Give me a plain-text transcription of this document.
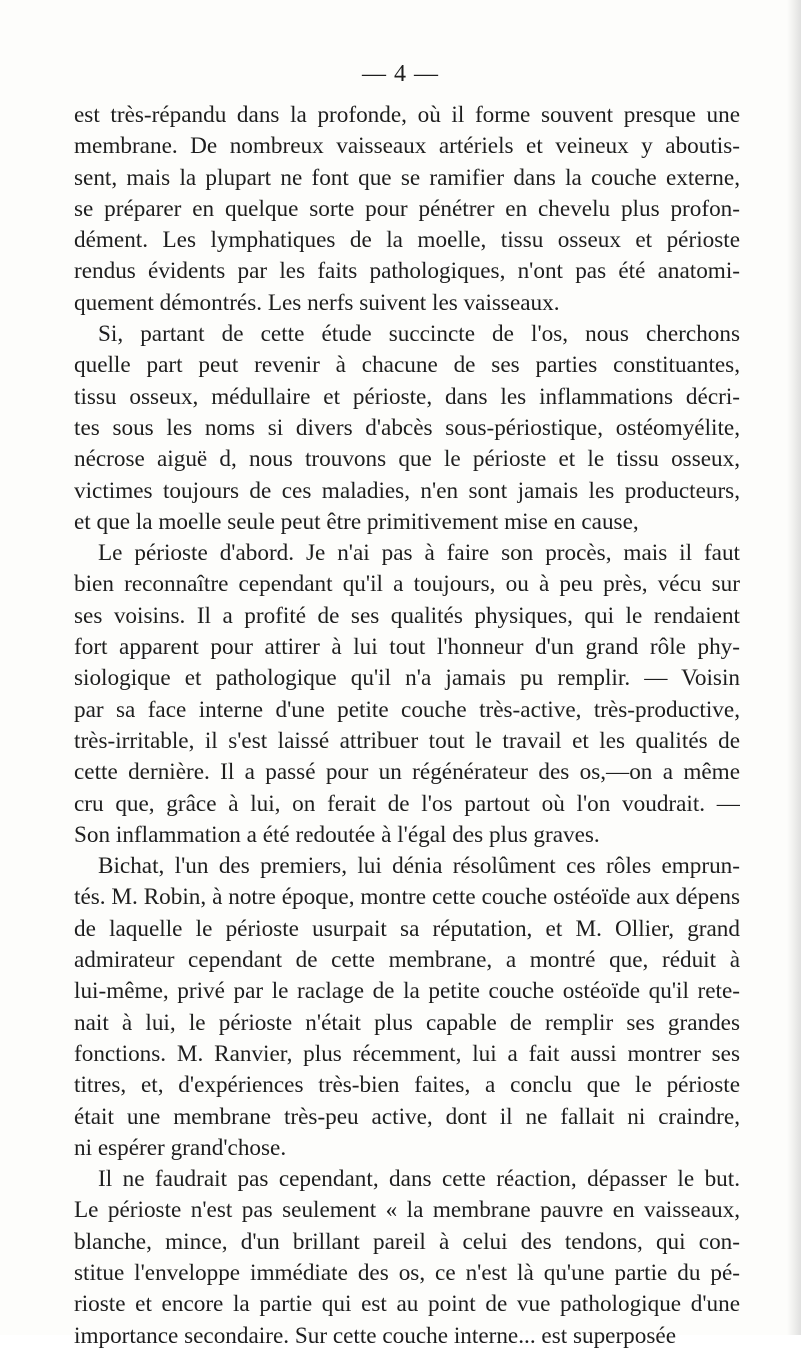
— 4 —
est très-répandu dans la profonde, où il forme souvent presque une
membrane. De nombreux vaisseaux artériels et veineux y aboutis-
sent, mais la plupart ne font que se ramifier dans la couche externe,
se préparer en quelque sorte pour pénétrer en chevelu plus profon-
dément. Les lymphatiques de la moelle, tissu osseux et périoste
rendus évidents par les faits pathologiques, n'ont pas été anatomi-
quement démontrés. Les nerfs suivent les vaisseaux.
Si, partant de cette étude succincte de l'os, nous cherchons
quelle part peut revenir à chacune de ses parties constituantes,
tissu osseux, médullaire et périoste, dans les inflammations décri-
tes sous les noms si divers d'abcès sous-périostique, ostéomyélite,
nécrose aiguë d, nous trouvons que le périoste et le tissu osseux,
victimes toujours de ces maladies, n'en sont jamais les producteurs,
et que la moelle seule peut être primitivement mise en cause,
Le périoste d'abord. Je n'ai pas à faire son procès, mais il faut
bien reconnaître cependant qu'il a toujours, ou à peu près, vécu sur
ses voisins. Il a profité de ses qualités physiques, qui le rendaient
fort apparent pour attirer à lui tout l'honneur d'un grand rôle phy-
siologique et pathologique qu'il n'a jamais pu remplir. — Voisin
par sa face interne d'une petite couche très-active, très-productive,
très-irritable, il s'est laissé attribuer tout le travail et les qualités de
cette dernière. Il a passé pour un régénérateur des os,—on a même
cru que, grâce à lui, on ferait de l'os partout où l'on voudrait. —
Son inflammation a été redoutée à l'égal des plus graves.
Bichat, l'un des premiers, lui dénia résolûment ces rôles emprun-
tés. M. Robin, à notre époque, montre cette couche ostéoïde aux dépens
de laquelle le périoste usurpait sa réputation, et M. Ollier, grand
admirateur cependant de cette membrane, a montré que, réduit à
lui-même, privé par le raclage de la petite couche ostéoïde qu'il rete-
nait à lui, le périoste n'était plus capable de remplir ses grandes
fonctions. M. Ranvier, plus récemment, lui a fait aussi montrer ses
titres, et, d'expériences très-bien faites, a conclu que le périoste
était une membrane très-peu active, dont il ne fallait ni craindre,
ni espérer grand'chose.
Il ne faudrait pas cependant, dans cette réaction, dépasser le but.
Le périoste n'est pas seulement « la membrane pauvre en vaisseaux,
blanche, mince, d'un brillant pareil à celui des tendons, qui con-
stitue l'enveloppe immédiate des os, ce n'est là qu'une partie du pé-
rioste et encore la partie qui est au point de vue pathologique d'une
importance secondaire. Sur cette couche interne... est superposée
